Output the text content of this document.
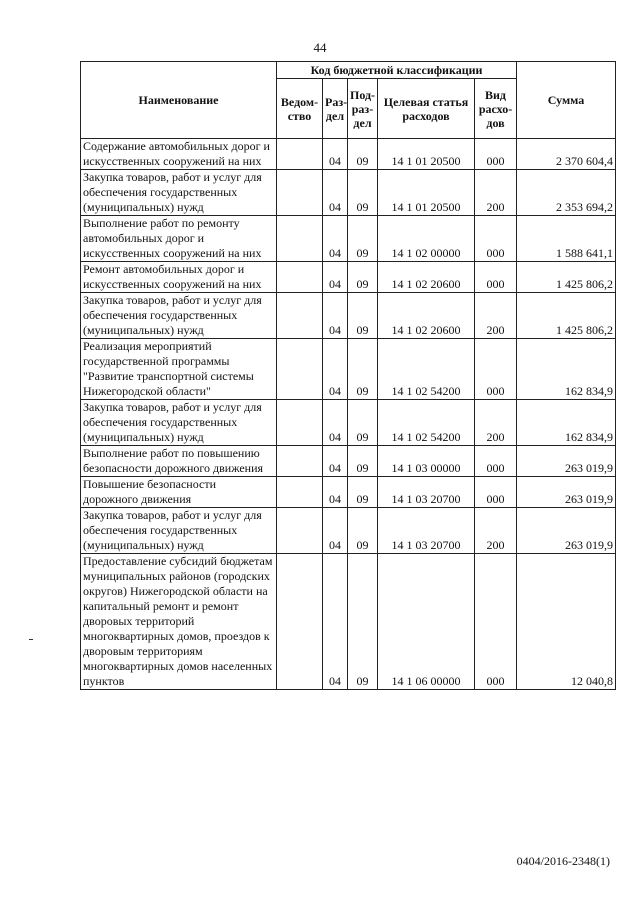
44
Наименование	Код бюджетной классификации					Сумма
	Ведом-ство	Раз-дел	Под-раз-дел	Целевая статья расходов	Вид расхо-дов	
Содержание автомобильных дорог и искусственных сооружений на них		04	09	14 1 01 20500	000	2 370 604,4
Закупка товаров, работ и услуг для обеспечения государственных (муниципальных) нужд		04	09	14 1 01 20500	200	2 353 694,2
Выполнение работ по ремонту автомобильных дорог и искусственных сооружений на них		04	09	14 1 02 00000	000	1 588 641,1
Ремонт автомобильных дорог и искусственных сооружений на них		04	09	14 1 02 20600	000	1 425 806,2
Закупка товаров, работ и услуг для обеспечения государственных (муниципальных) нужд		04	09	14 1 02 20600	200	1 425 806,2
Реализация мероприятий государственной программы "Развитие транспортной системы Нижегородской области"		04	09	14 1 02 54200	000	162 834,9
Закупка товаров, работ и услуг для обеспечения государственных (муниципальных) нужд		04	09	14 1 02 54200	200	162 834,9
Выполнение работ по повышению безопасности дорожного движения		04	09	14 1 03 00000	000	263 019,9
Повышение безопасности дорожного движения		04	09	14 1 03 20700	000	263 019,9
Закупка товаров, работ и услуг для обеспечения государственных (муниципальных) нужд		04	09	14 1 03 20700	200	263 019,9
Предоставление субсидий бюджетам муниципальных районов (городских округов) Нижегородской области на капитальный ремонт и ремонт дворовых территорий многоквартирных домов, проездов к дворовым территориям многоквартирных домов населенных пунктов		04	09	14 1 06 00000	000	12 040,8
0404/2016-2348(1)
